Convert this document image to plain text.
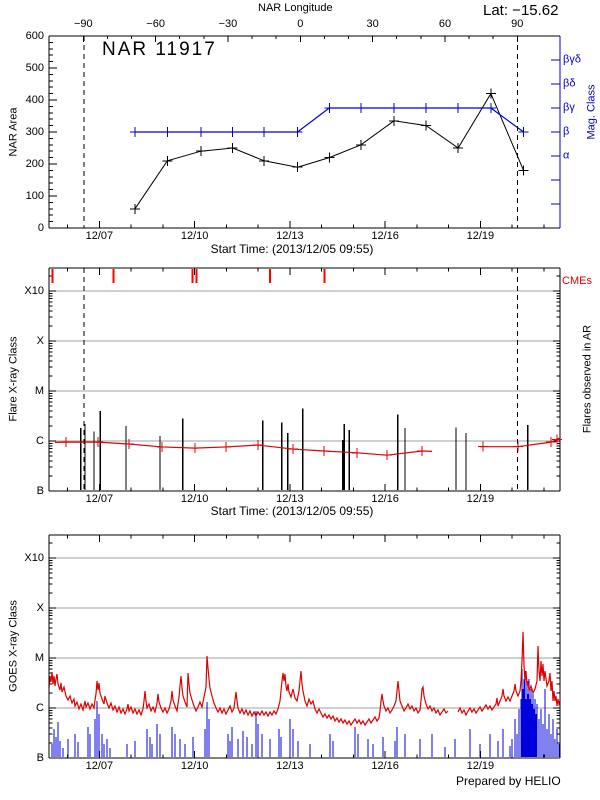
NAR Longitude	Lat: −15.62
NAR 11917
NAR Area	Mag. Class
Start Time: (2013/12/05 09:55)
Flare X-ray Class
CMEs
Flares observed in AR
Start Time: (2013/12/05 09:55)
GOES X-ray Class
Prepared by HELIO
0
100
200
300
400
500
600
−90	−60	−30	0	30	60	90
α
β
βγ
βδ
βγδ
12/07	12/10	12/13	12/16	12/19
B
C
M
X
X10
12/07	12/10	12/13	12/16	12/19
B
C
M
X
X10
12/07	12/10	12/13	12/16	12/19
